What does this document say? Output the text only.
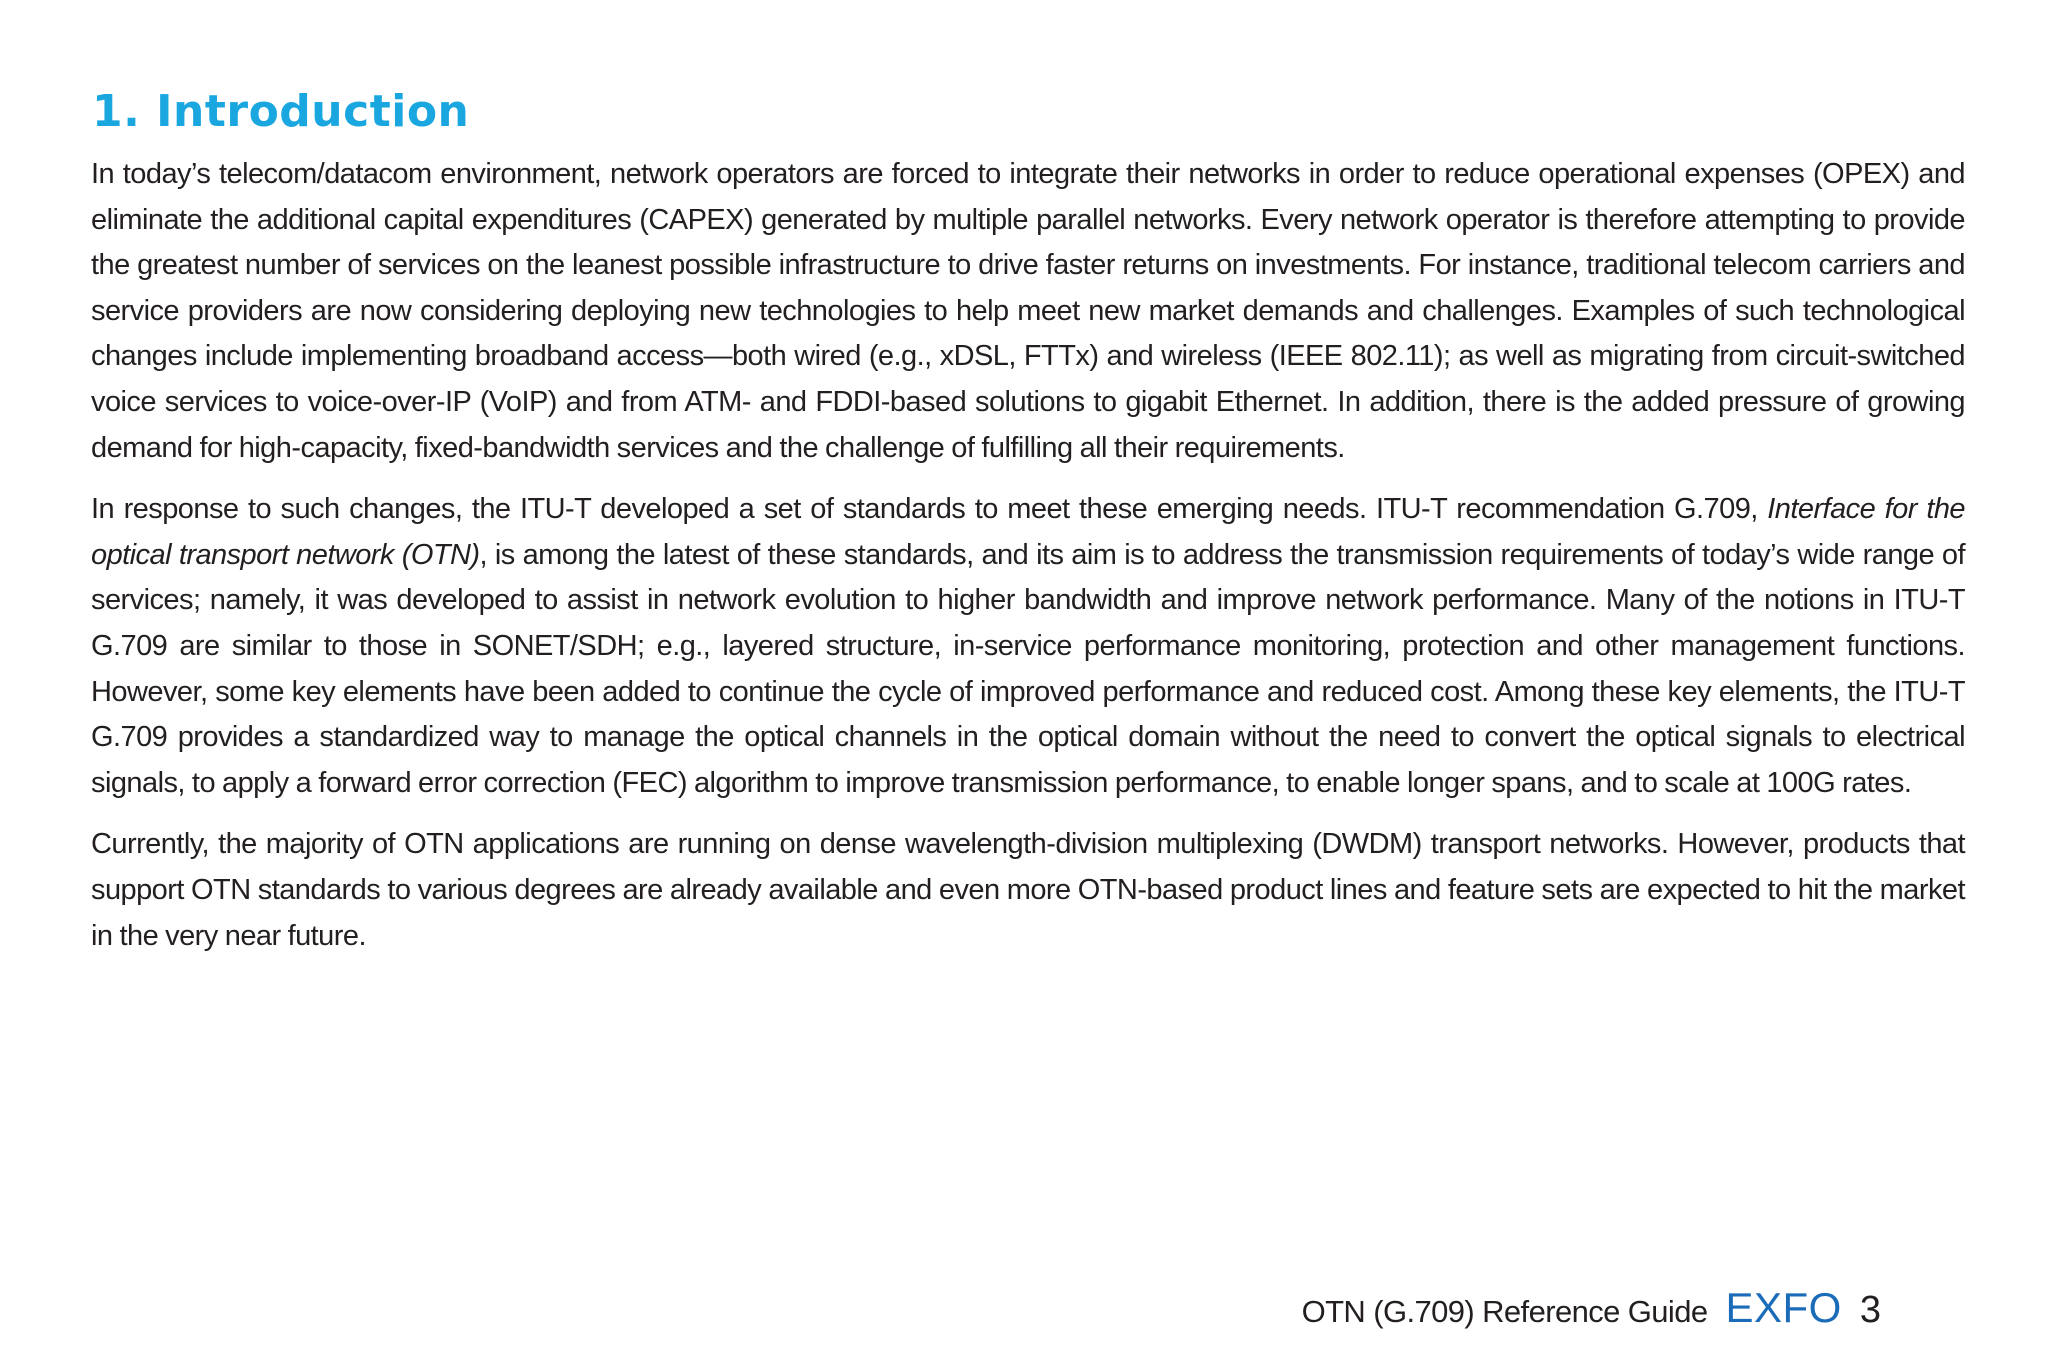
1. Introduction

In today’s telecom/datacom environment, network operators are forced to integrate their networks in order to reduce operational expenses (OPEX) and eliminate the additional capital expenditures (CAPEX) generated by multiple parallel networks. Every network operator is therefore attempting to provide the greatest number of services on the leanest possible infrastructure to drive faster returns on investments. For instance, traditional telecom carriers and service providers are now considering deploying new technologies to help meet new market demands and challenges. Examples of such technological changes include implementing broadband access—both wired (e.g., xDSL, FTTx) and wireless (IEEE 802.11); as well as migrating from circuit-switched voice services to voice-over-IP (VoIP) and from ATM- and FDDI-based solutions to gigabit Ethernet. In addition, there is the added pressure of growing demand for high-capacity, fixed-bandwidth services and the challenge of fulfilling all their requirements.

In response to such changes, the ITU-T developed a set of standards to meet these emerging needs. ITU-T recommendation G.709, Interface for the optical transport network (OTN), is among the latest of these standards, and its aim is to address the transmission requirements of today’s wide range of services; namely, it was developed to assist in network evolution to higher bandwidth and improve network performance. Many of the notions in ITU-T G.709 are similar to those in SONET/SDH; e.g., layered structure, in-service performance monitoring, protection and other management functions. However, some key elements have been added to continue the cycle of improved performance and reduced cost. Among these key elements, the ITU-T G.709 provides a standardized way to manage the optical channels in the optical domain without the need to convert the optical signals to electrical signals, to apply a forward error correction (FEC) algorithm to improve transmission performance, to enable longer spans, and to scale at 100G rates.

Currently, the majority of OTN applications are running on dense wavelength-division multiplexing (DWDM) transport networks. However, products that support OTN standards to various degrees are already available and even more OTN-based product lines and feature sets are expected to hit the market in the very near future.

OTN (G.709) Reference Guide EXFO 3
